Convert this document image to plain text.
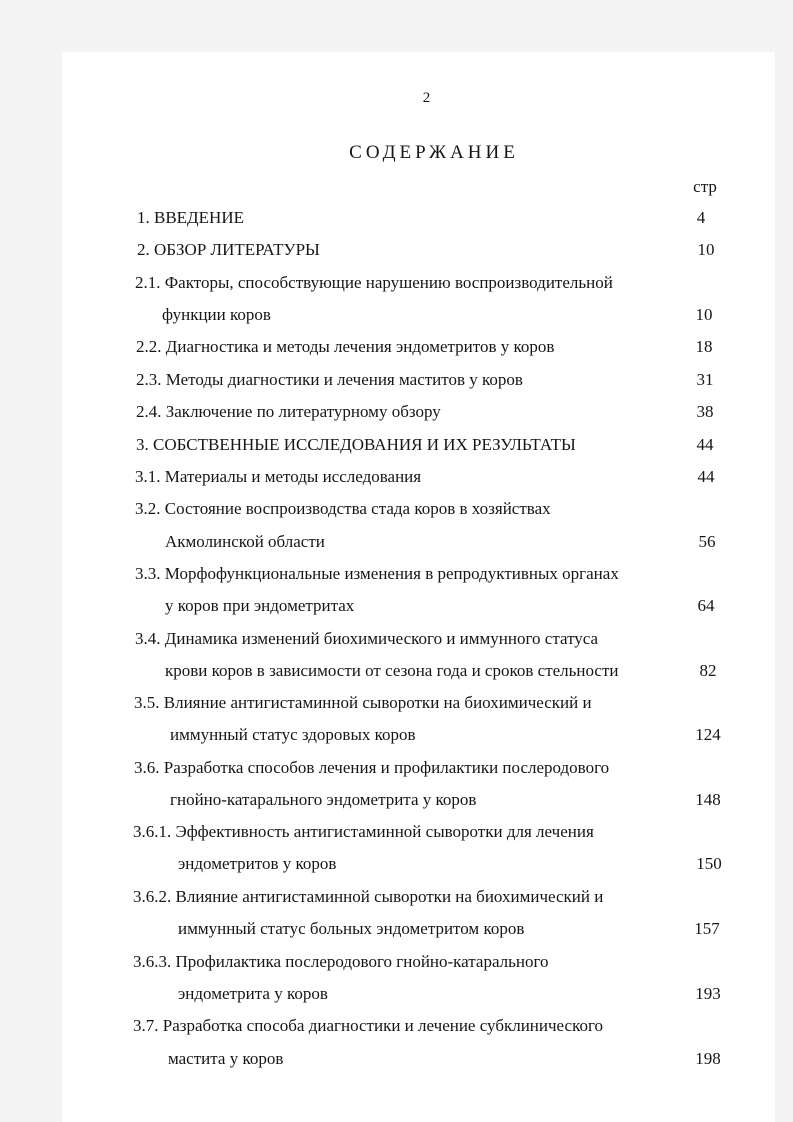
2
СОДЕРЖАНИЕ
стр
1. ВВЕДЕНИЕ	4
2. ОБЗОР ЛИТЕРАТУРЫ	10
2.1. Факторы, способствующие нарушению воспроизводительной
функции коров	10
2.2. Диагностика и методы лечения эндометритов у коров	18
2.3. Методы диагностики и лечения маститов у коров	31
2.4. Заключение по литературному обзору	38
3. СОБСТВЕННЫЕ ИССЛЕДОВАНИЯ И ИХ РЕЗУЛЬТАТЫ	44
3.1. Материалы и методы исследования	44
3.2. Состояние воспроизводства стада коров в хозяйствах
Акмолинской области	56
3.3. Морфофункциональные изменения в репродуктивных органах
у коров при эндометритах	64
3.4. Динамика изменений биохимического и иммунного статуса
крови коров в зависимости от сезона года и сроков стельности	82
3.5. Влияние антигистаминной сыворотки на биохимический и
иммунный статус здоровых коров	124
3.6. Разработка способов лечения и профилактики послеродового
гнойно-катарального эндометрита у коров	148
3.6.1. Эффективность антигистаминной сыворотки для лечения
эндометритов у коров	150
3.6.2. Влияние антигистаминной сыворотки на биохимический и
иммунный статус больных эндометритом коров	157
3.6.3. Профилактика послеродового гнойно-катарального
эндометрита у коров	193
3.7. Разработка способа диагностики и лечение субклинического
мастита у коров	198
